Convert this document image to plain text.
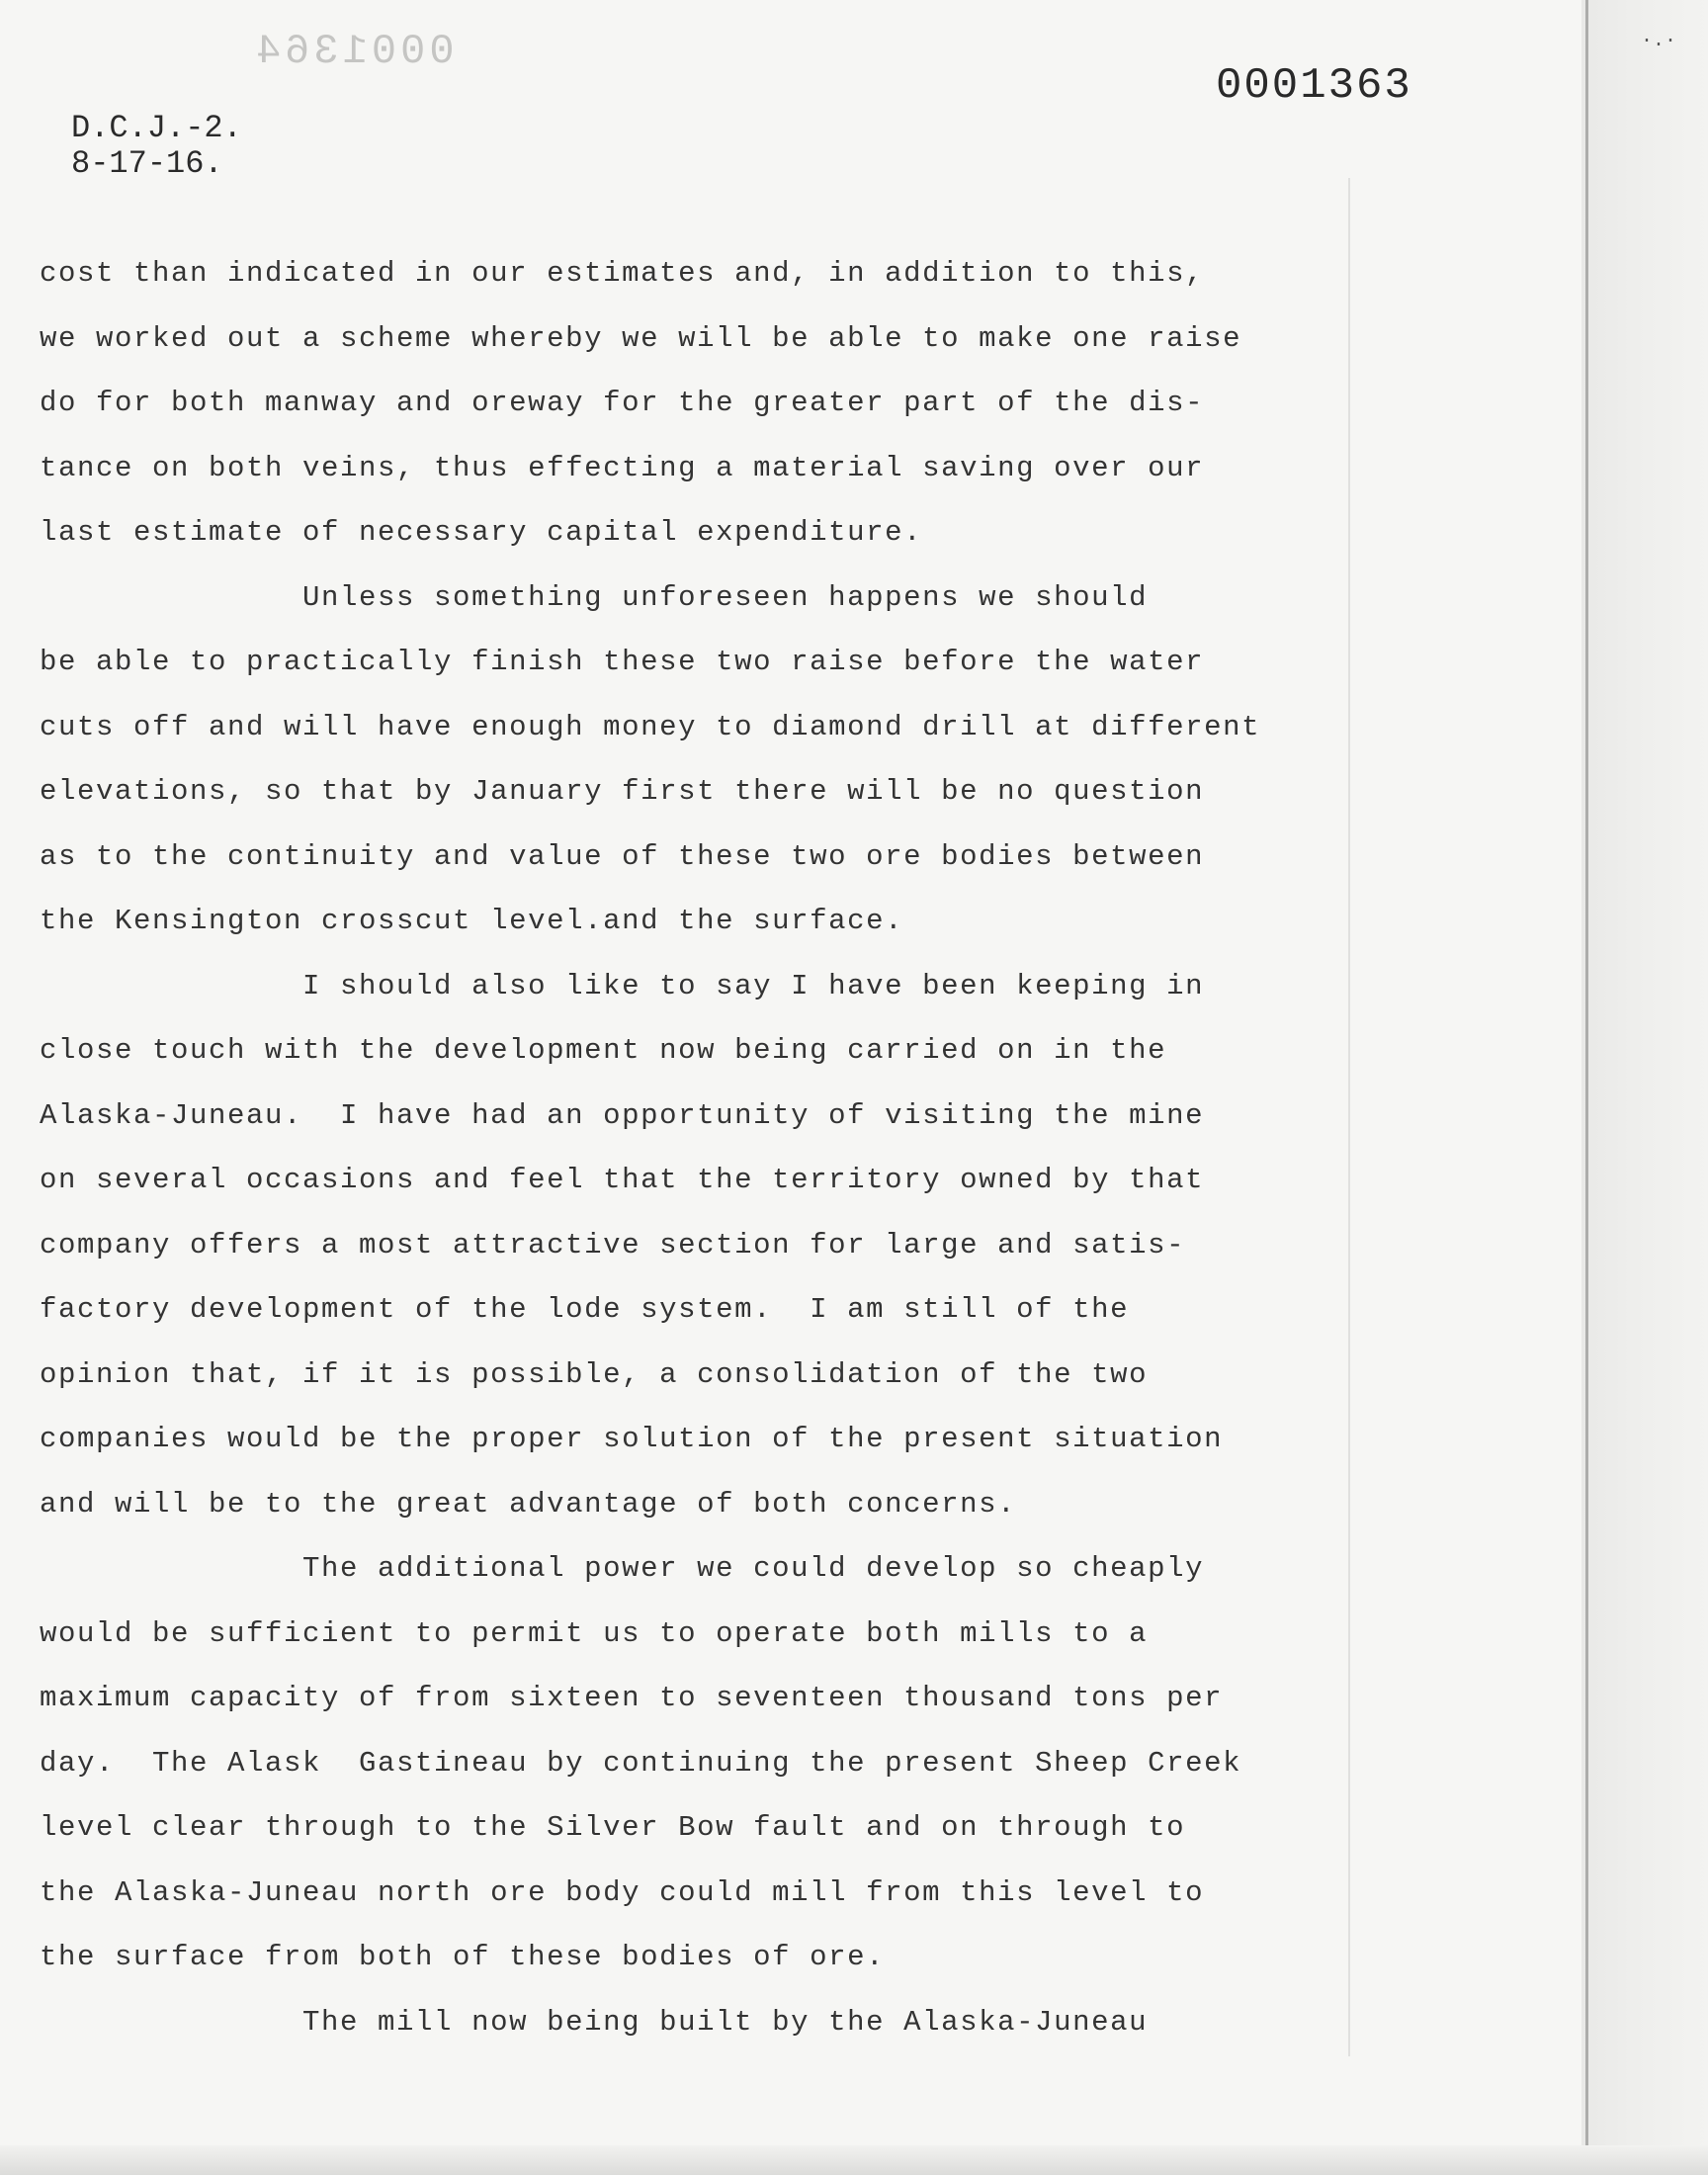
·.·
0001364
0001363
D.C.J.-2.
8-17-16.
cost than indicated in our estimates and, in addition to this,
we worked out a scheme whereby we will be able to make one raise
do for both manway and oreway for the greater part of the dis-
tance on both veins, thus effecting a material saving over our
last estimate of necessary capital expenditure.
Unless something unforeseen happens we should
be able to practically finish these two raise before the water
cuts off and will have enough money to diamond drill at different
elevations, so that by January first there will be no question
as to the continuity and value of these two ore bodies between
the Kensington crosscut level.and the surface.
I should also like to say I have been keeping in
close touch with the development now being carried on in the
Alaska-Juneau.  I have had an opportunity of visiting the mine
on several occasions and feel that the territory owned by that
company offers a most attractive section for large and satis-
factory development of the lode system.  I am still of the
opinion that, if it is possible, a consolidation of the two
companies would be the proper solution of the present situation
and will be to the great advantage of both concerns.
The additional power we could develop so cheaply
would be sufficient to permit us to operate both mills to a
maximum capacity of from sixteen to seventeen thousand tons per
day.  The Alask  Gastineau by continuing the present Sheep Creek
level clear through to the Silver Bow fault and on through to
the Alaska-Juneau north ore body could mill from this level to
the surface from both of these bodies of ore.
The mill now being built by the Alaska-Juneau
